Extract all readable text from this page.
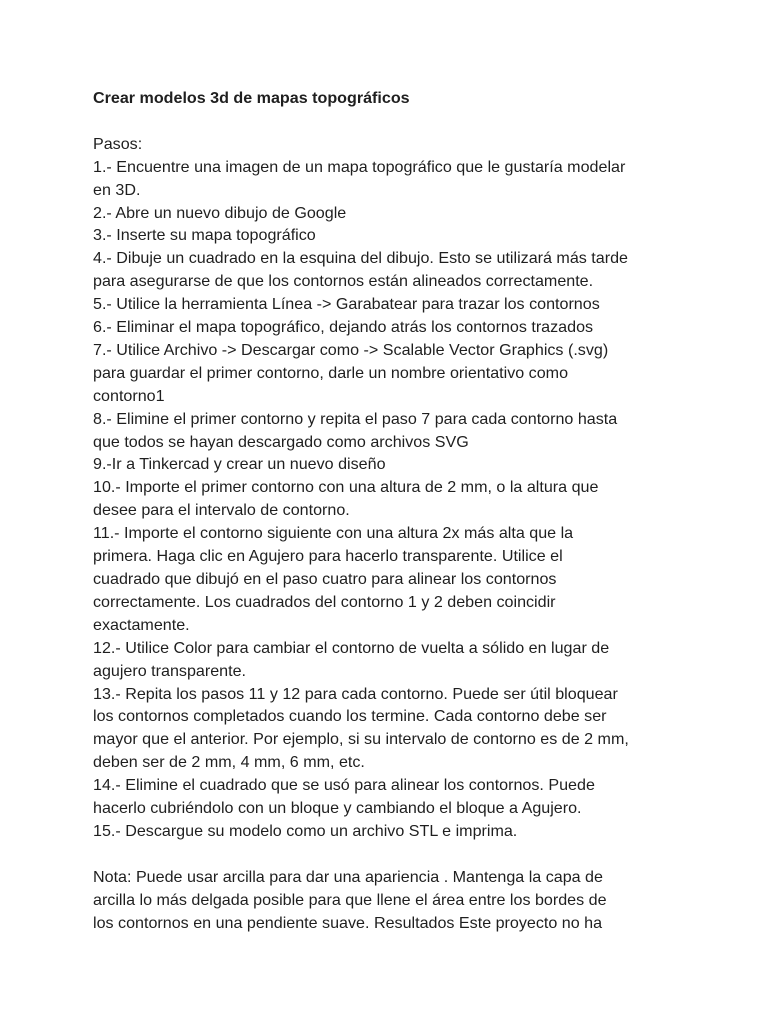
Crear modelos 3d de mapas topográficos

Pasos:

1.- Encuentre una imagen de un mapa topográfico que le gustaría modelar

en 3D.

2.- Abre un nuevo dibujo de Google

3.- Inserte su mapa topográfico

4.- Dibuje un cuadrado en la esquina del dibujo. Esto se utilizará más tarde

para asegurarse de que los contornos están alineados correctamente.

5.- Utilice la herramienta Línea -> Garabatear para trazar los contornos

6.- Eliminar el mapa topográfico, dejando atrás los contornos trazados

7.- Utilice Archivo -> Descargar como -> Scalable Vector Graphics (.svg)

para guardar el primer contorno, darle un nombre orientativo como

contorno1

8.- Elimine el primer contorno y repita el paso 7 para cada contorno hasta

que todos se hayan descargado como archivos SVG

9.-Ir a Tinkercad y crear un nuevo diseño

10.- Importe el primer contorno con una altura de 2 mm, o la altura que

desee para el intervalo de contorno.

11.- Importe el contorno siguiente con una altura 2x más alta que la

primera. Haga clic en Agujero para hacerlo transparente. Utilice el

cuadrado que dibujó en el paso cuatro para alinear los contornos

correctamente. Los cuadrados del contorno 1 y 2 deben coincidir

exactamente.

12.- Utilice Color para cambiar el contorno de vuelta a sólido en lugar de

agujero transparente.

13.- Repita los pasos 11 y 12 para cada contorno. Puede ser útil bloquear

los contornos completados cuando los termine. Cada contorno debe ser

mayor que el anterior. Por ejemplo, si su intervalo de contorno es de 2 mm,

deben ser de 2 mm, 4 mm, 6 mm, etc.

14.- Elimine el cuadrado que se usó para alinear los contornos. Puede

hacerlo cubriéndolo con un bloque y cambiando el bloque a Agujero.

15.- Descargue su modelo como un archivo STL e imprima.

Nota: Puede usar arcilla para dar una apariencia . Mantenga la capa de

arcilla lo más delgada posible para que llene el área entre los bordes de

los contornos en una pendiente suave. Resultados Este proyecto no ha
